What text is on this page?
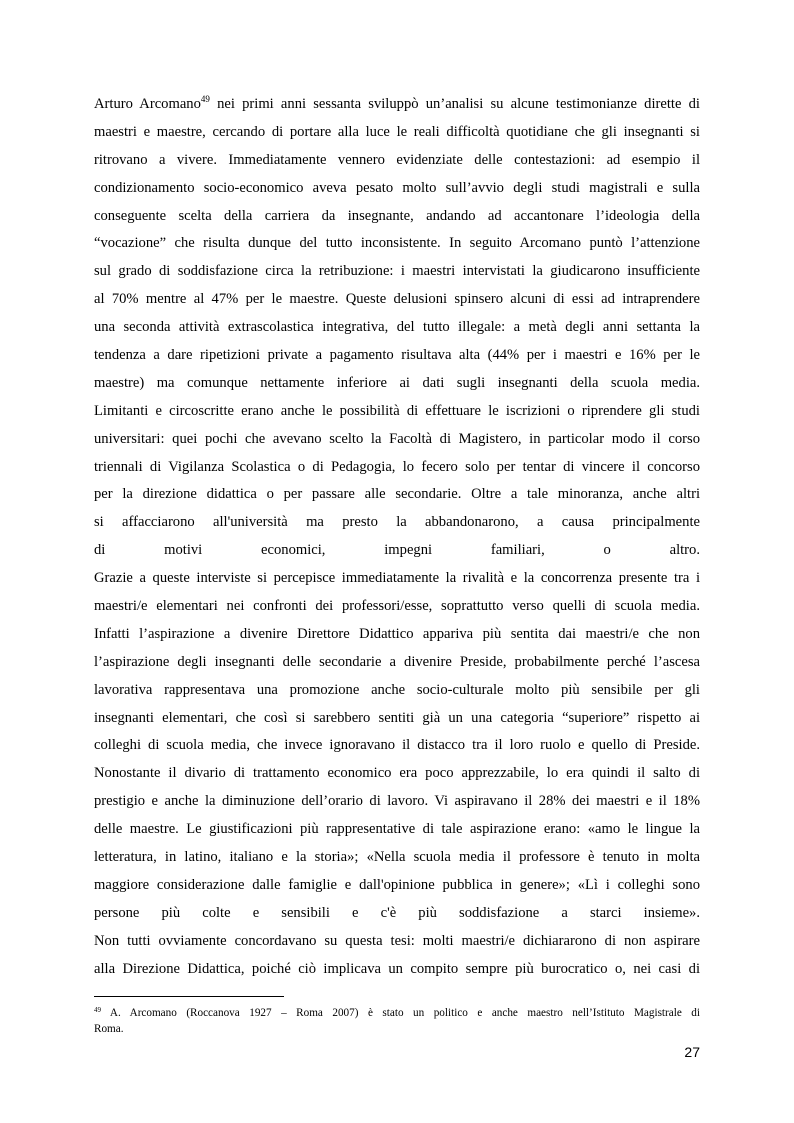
Arturo Arcomano$^{49}$ nei primi anni sessanta sviluppò un’analisi su alcune testimonianze dirette di
maestri e maestre, cercando di portare alla luce le reali difficoltà quotidiane che gli insegnanti si
ritrovano a vivere. Immediatamente vennero evidenziate delle contestazioni: ad esempio il
condizionamento socio-economico aveva pesato molto sull’avvio degli studi magistrali e sulla
conseguente scelta della carriera da insegnante, andando ad accantonare l’ideologia della
“vocazione” che risulta dunque del tutto inconsistente. In seguito Arcomano puntò l’attenzione
sul grado di soddisfazione circa la retribuzione: i maestri intervistati la giudicarono insufficiente
al 70% mentre al 47% per le maestre. Queste delusioni spinsero alcuni di essi ad intraprendere
una seconda attività extrascolastica integrativa, del tutto illegale: a metà degli anni settanta la
tendenza a dare ripetizioni private a pagamento risultava alta (44% per i maestri e 16% per le
maestre) ma comunque nettamente inferiore ai dati sugli insegnanti della scuola media.
Limitanti e circoscritte erano anche le possibilità di effettuare le iscrizioni o riprendere gli studi
universitari: quei pochi che avevano scelto la Facoltà di Magistero, in particolar modo il corso
triennali di Vigilanza Scolastica o di Pedagogia, lo fecero solo per tentar di vincere il concorso
per la direzione didattica o per passare alle secondarie. Oltre a tale minoranza, anche altri
si affacciarono all'università ma presto la abbandonarono, a causa principalmente
di motivi economici, impegni familiari, o altro.
Grazie a queste interviste si percepisce immediatamente la rivalità e la concorrenza presente tra i
maestri/e elementari nei confronti dei professori/esse, soprattutto verso quelli di scuola media.
Infatti l’aspirazione a divenire Direttore Didattico appariva più sentita dai maestri/e che non
l’aspirazione degli insegnanti delle secondarie a divenire Preside, probabilmente perché l’ascesa
lavorativa rappresentava una promozione anche socio-culturale molto più sensibile per gli
insegnanti elementari, che così si sarebbero sentiti già un una categoria “superiore” rispetto ai
colleghi di scuola media, che invece ignoravano il distacco tra il loro ruolo e quello di Preside.
Nonostante il divario di trattamento economico era poco apprezzabile, lo era quindi il salto di
prestigio e anche la diminuzione dell’orario di lavoro. Vi aspiravano il 28% dei maestri e il 18%
delle maestre. Le giustificazioni più rappresentative di tale aspirazione erano: «amo le lingue la
letteratura, in latino, italiano e la storia»; «Nella scuola media il professore è tenuto in molta
maggiore considerazione dalle famiglie e dall'opinione pubblica in genere»; «Lì i colleghi sono
persone più colte e sensibili e c'è più soddisfazione a starci insieme».
Non tutti ovviamente concordavano su questa tesi: molti maestri/e dichiararono di non aspirare
alla Direzione Didattica, poiché ciò implicava un compito sempre più burocratico o, nei casi di
$^{49}$ A. Arcomano (Roccanova 1927 – Roma 2007) è stato un politico e anche maestro nell’Istituto Magistrale di
Roma.
27
